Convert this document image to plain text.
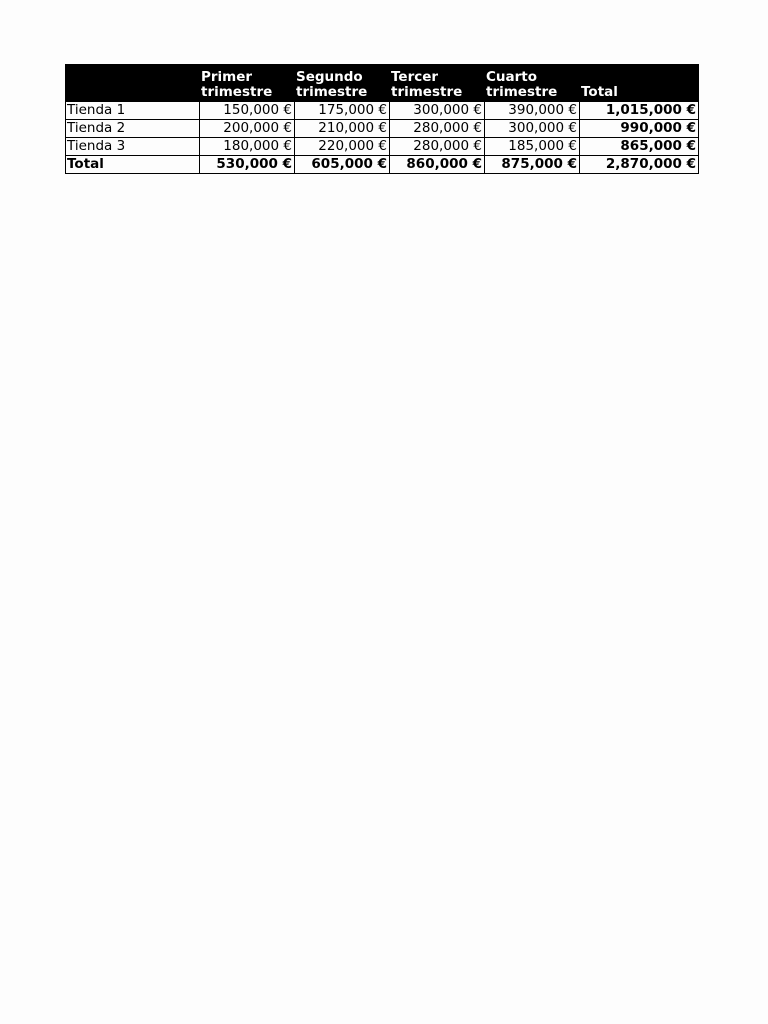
	Primer trimestre	Segundo trimestre	Tercer trimestre	Cuarto trimestre	Total
Tienda 1	150,000 €	175,000 €	300,000 €	390,000 €	1,015,000 €
Tienda 2	200,000 €	210,000 €	280,000 €	300,000 €	990,000 €
Tienda 3	180,000 €	220,000 €	280,000 €	185,000 €	865,000 €
Total	530,000 €	605,000 €	860,000 €	875,000 €	2,870,000 €
